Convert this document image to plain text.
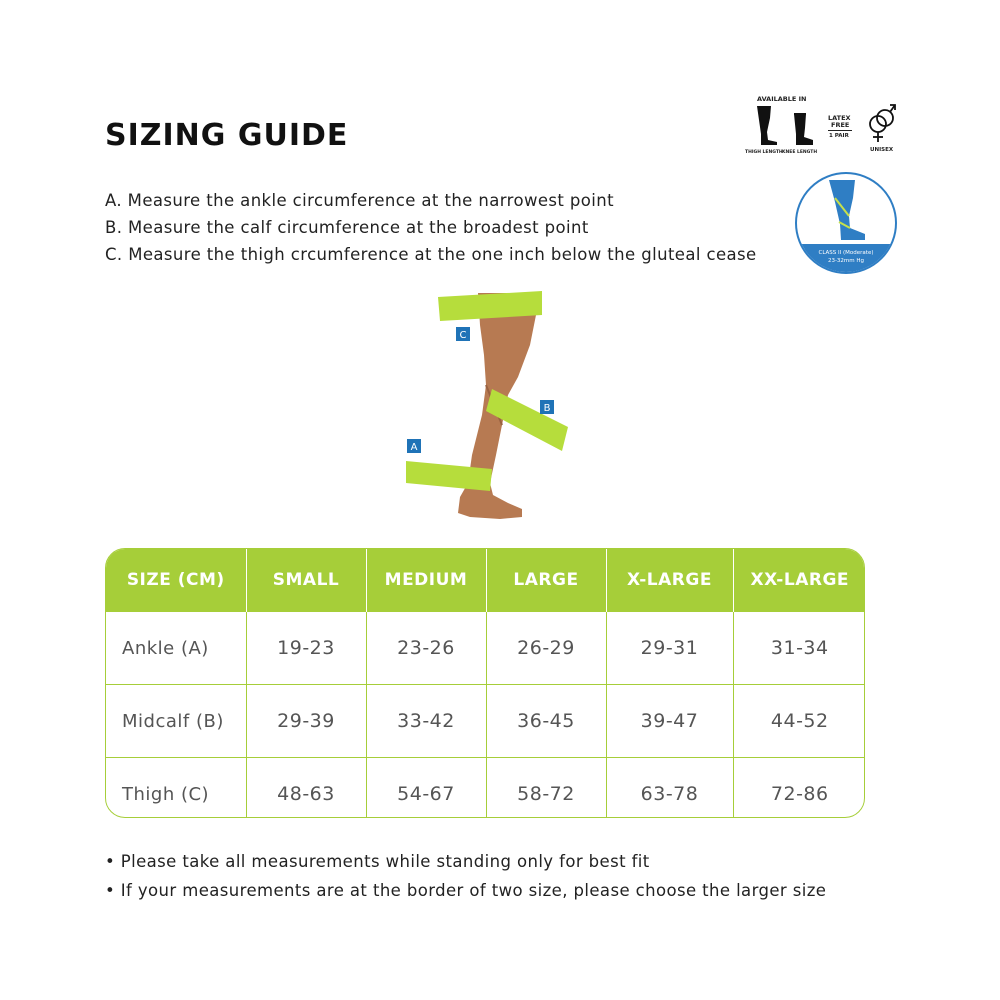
SIZING GUIDE
A. Measure the ankle circumference at the narrowest point
B. Measure the calf circumference at the broadest point
C. Measure the thigh crcumference at the one inch below the gluteal cease
AVAILABLE IN
THIGH LENGTH KNEE LENGTH
LATEX
FREE
1 PAIR
UNISEX
CLASS II (Moderate)
23-32mm Hg
C
B
A
SIZE (CM)	SMALL	MEDIUM	LARGE	X-LARGE	XX-LARGE
Ankle (A)	19-23	23-26	26-29	29-31	31-34
Midcalf (B)	29-39	33-42	36-45	39-47	44-52
Thigh (C)	48-63	54-67	58-72	63-78	72-86
• Please take all measurements while standing only for best fit
• If your measurements are at the border of two size, please choose the larger size
